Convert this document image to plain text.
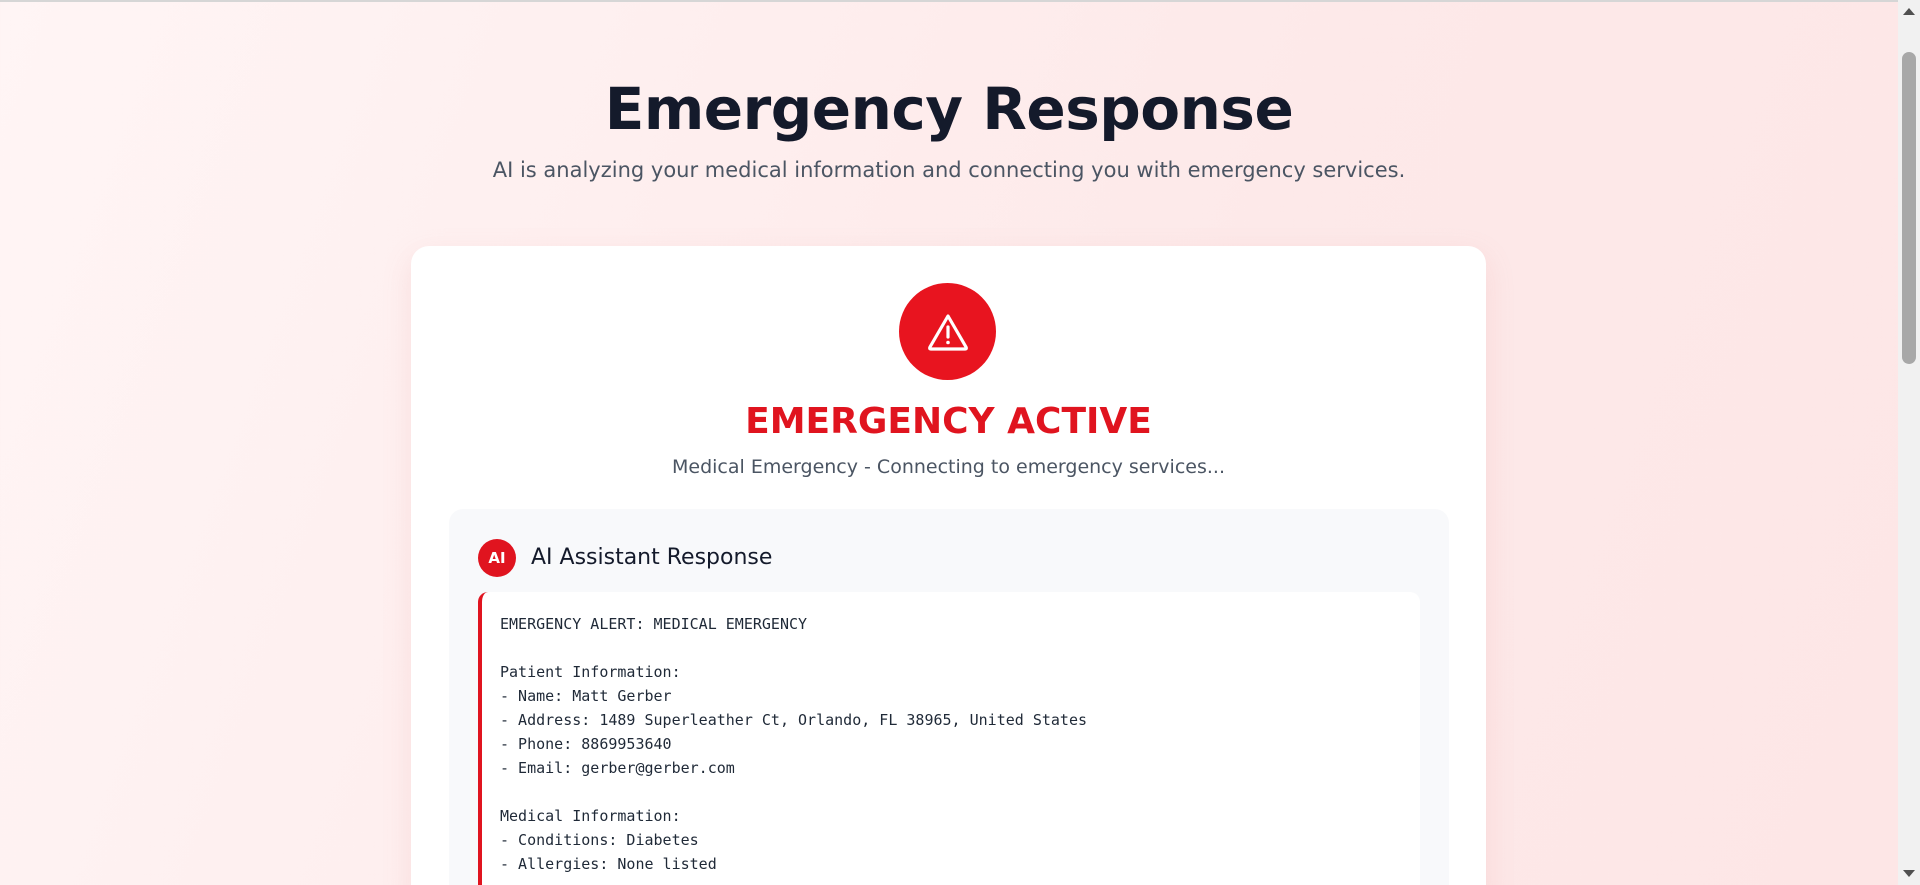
Emergency Response

AI is analyzing your medical information and connecting you with emergency services.

EMERGENCY ACTIVE
Medical Emergency - Connecting to emergency services...
AI	AI Assistant Response
EMERGENCY ALERT: MEDICAL EMERGENCY
Patient Information:
- Name: Matt Gerber
- Address: 1489 Superleather Ct, Orlando, FL 38965, United States
- Phone: 8869953640
- Email: gerber@gerber.com
Medical Information:
- Conditions: Diabetes
- Allergies: None listed
